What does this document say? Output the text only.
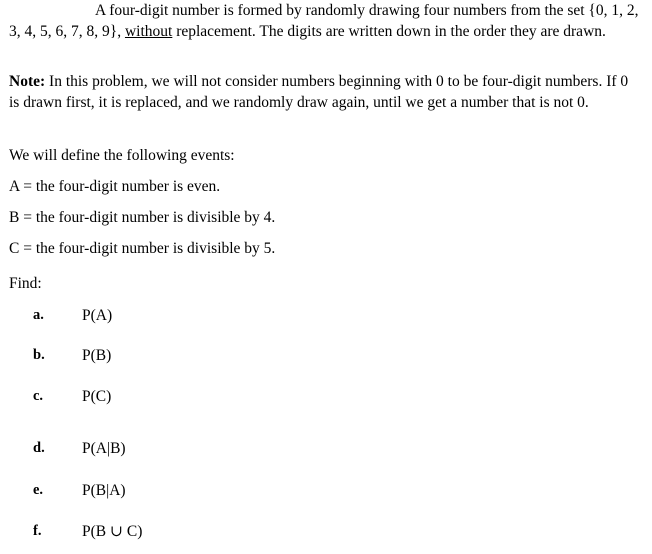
A four-digit number is formed by randomly drawing four numbers from the set {0, 1, 2, 3, 4, 5, 6, 7, 8, 9}, without replacement. The digits are written down in the order they are drawn.

Note: In this problem, we will not consider numbers beginning with 0 to be four-digit numbers. If 0 is drawn first, it is replaced, and we randomly draw again, until we get a number that is not 0.

We will define the following events:

A = the four-digit number is even.

B = the four-digit number is divisible by 4.

C = the four-digit number is divisible by 5.

Find:

a. P(A)
b. P(B)
c.	P(C)
d. P(A|B)
e.	P(B|A)
f.	P(B ∪ C)
